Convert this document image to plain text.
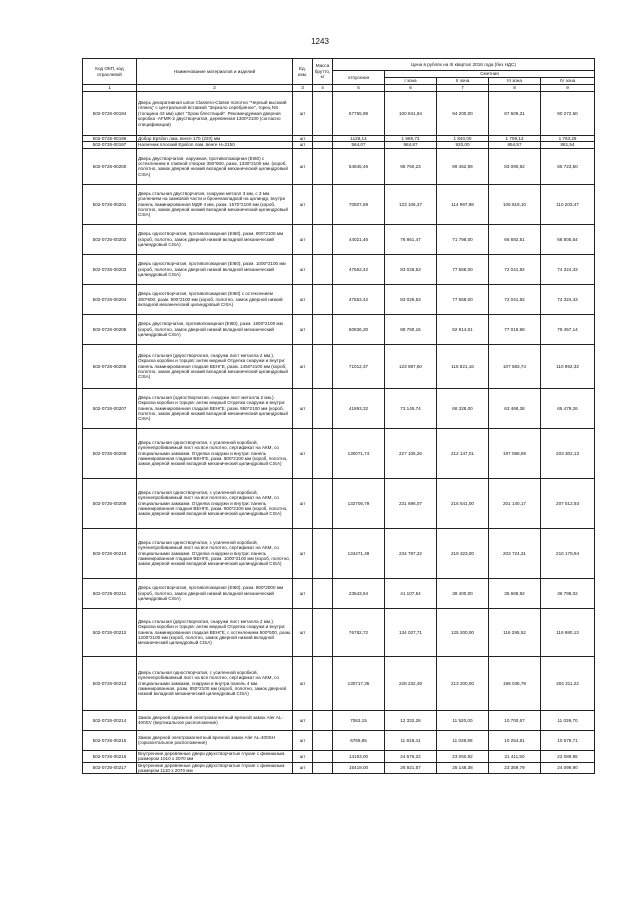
1243
Код ОКП, код отраслевой	Наименование материалов и изделий	Ед. изм.	Масса брутто, кг	Цена в рублях на III квартал 2016 года (без НДС)				
				отпускная	Сметная			
					I зона	II зона	III зона	IV зона
1	2	3	4	5	6	7	8	9
502-0726-00194	Дверь декоративная шпон Classero-Classe полотно "Черный высокий глянец" с центральной вставкой "Зеркало серебряное", торец NS (толщина 43 мм) цвет "Хром блестящий". Рекомендуемая дверная коробка -AFMR-2 двустворчатая, деревянная 1300*2100 (согласно спецификации)	шт		57755,98	100 841,94	94 200,00	87 509,31	90 272,60
502-0726-00196	Добор Epsilon лам. венге 170 (220) мм	шт		1128,14	1 969,73	1 840,00	1 709,13	1 763,28
502-0726-00197	Наличник плоский Epsilon лам. венге H=2150	шт		564,07	984,87	920,00	854,57	881,54
502-0726-00200	Дверь двустворчатая, наружная, противопожарная (EI60) с остеклением в главной створке 350*600, разм. 1330*2100 мм. (короб, полотно, замок дверной низкий вкладной механический цилиндровый CISA)	шт		54845,49	95 760,23	89 452,99	83 090,92	85 723,50
502-0726-00201	Дверь стальная двустворчатая, снаружи металл 3 мм, с 3 мм. усилением на замковой части и броненакладкой на цилиндр, внутри панель ламинированная МДФ 4 мм, разм. 1570*2100 мм (короб, полотно, замок дверной низкий вкладной механический цилиндровый CISA)	шт		70507,69	123 106,37	114 997,98	106 819,10	110 203,47
502-0726-00202	Дверь одностворчатая, противопожарная (EI60), разм. 900*2100 мм (короб, полотно, замок дверной низкий вкладной механический цилиндровый CISA)	шт		44021,46	76 861,47	71 798,00	66 692,51	68 805,54
502-0726-00203	Дверь одностворчатая, противопожарная (EI60), разм. 1000*2100 мм (короб, полотно, замок дверной низкий вкладной механический цилиндровый CISA)	шт		47552,42	83 026,53	77 558,00	72 041,92	74 324,43
502-0726-00204	Дверь одностворчатая, противопожарная (EI60) с остеклением 300*600, разм. 900*2100 мм (короб, полотно, замок дверной низкий вкладной механический цилиндровый CISA)	шт		47552,42	83 026,53	77 558,00	72 041,92	74 324,43
502-0726-00205	Дверь двустворчатая, противопожарная (EI60), разм. 1800*2100 мм (короб, полотно, замок дверной низкий вкладной механический цилиндровый CISA)	шт		50836,30	88 760,16	82 914,01	77 016,98	79 457,14
502-0726-00206	Дверь стальная (двухстворчатая, снаружи лист металла 2 мм.). Окраска коробки и торцов: антик медный Отделка снаружи и внутри: панель ламинированная гладкая ВЕНГЕ, разм. 1450*2100 мм (короб, полотно, замок дверной низкий вкладной механический цилиндровый CISA)	шт		71012,37	123 987,60	115 821,16	107 583,74	110 992,33
502-0726-00207	Дверь стальная (одностворчатая, снаружи лист металла 2 мм.). Окраска коробки и торцов: антик медный Отделка снаружи и внутри: панель ламинированная гладкая ВЕНГЕ, разм. 950*2100 мм (короб, полотно, замок дверной низкий вкладной механический цилиндровый CISA)	шт		41893,32	73 145,74	68 328,00	63 468,38	65 479,26
502-0726-00208	Дверь стальная одностворчатая, с усиленной коробкой, пуленепробиваемый лист на все полотно, сертификат на АКМ, со специальными замками. Отделка снаружи и внутри: панель ламинированная гладкая ВЕНГЕ, разм. 800*2100 мм (короб, полотно, замок дверной низкий вкладной механический цилиндровый CISA)	шт		130071,74	227 105,26	212 147,01	197 058,69	203 302,13
502-0726-00209	Дверь стальная одностворчатая, с усиленной коробкой, пуленепробиваемый лист на все полотно, сертификат на АКМ, со специальными замками. Отделка снаружи и внутри: панель ламинированная гладкая ВЕНГЕ, разм. 900*2100 мм (короб, полотно, замок дверной низкий вкладной механический цилиндровый CISA)	шт		132705,79	231 696,07	216 541,00	201 140,17	207 512,93
502-0726-00210	Дверь стальная одностворчатая, с усиленной коробкой, пуленепробиваемый лист на все полотно, сертификат на АКМ, со специальными замками. Отделка снаружи и внутри: панель ламинированная гладкая ВЕНГЕ, разм. 1000*2100 мм (короб, полотно, замок дверной низкий вкладной механический цилиндровый CISA)	шт		134471,49	234 787,22	219 323,00	203 724,31	210 178,94
502-0726-00211	Дверь одностворчатая, противопожарная (EI60), разм. 800*2000 мм (короб, полотно, замок дверной низкий вкладной механический цилиндровый CISA)	шт		23543,64	41 107,54	38 400,00	35 668,92	36 798,02
502-0726-00212	Дверь стальная (двухстворчатая, снаружи лист металла 2 мм.). Окраска коробки и торцов: антик медный Отделка снаружи и внутри: панель ламинированная гладкая ВЕНГЕ, с остеклением 500*500, разм. 1200*2100 мм (короб, полотно, замок дверной низкий вкладной механический цилиндровый CISA)	шт		76782,72	134 027,71	125 200,00	116 295,52	119 980,13
502-0726-00213	Дверь стальная одностворчатая, с усиленной коробкой, пуленепробиваемый лист на все полотно, сертификат на АКМ, со специальными замками, снаружи и внутри панель 4 мм. ламинированная, разм. 850*2100 мм (короб, полотно, замок дверной низкий вкладной механический цилиндровый CISA)	шт		130717,35	228 232,49	213 200,00	198 036,79	204 311,22
502-0726-00214	Замок дверной сдвижной электромагнитный врезной замок Aler AL-400SV (вертикальное расположение)	шт		7063,15	12 332,26	11 520,00	10 700,67	11 039,70
502-0726-00215	Замок дверной электромагнитный врезной замок Aler AL-400SH (горизонтальное расположение)	шт		6768,85	11 818,41	11 039,98	10 254,81	10 579,71
502-0726-00216	Внутренние деревянные двери двухстворчатые глухие с финишным размером 1010 х 2070 мм	шт		14153,00	24 676,22	23 050,92	21 411,50	22 089,86
502-0726-00217	Внутренние деревянные двери двухстворчатые глухие с финишным размером 1110 х 2070 мм	шт		15419,00	26 921,57	25 148,38	23 359,79	24 099,90
